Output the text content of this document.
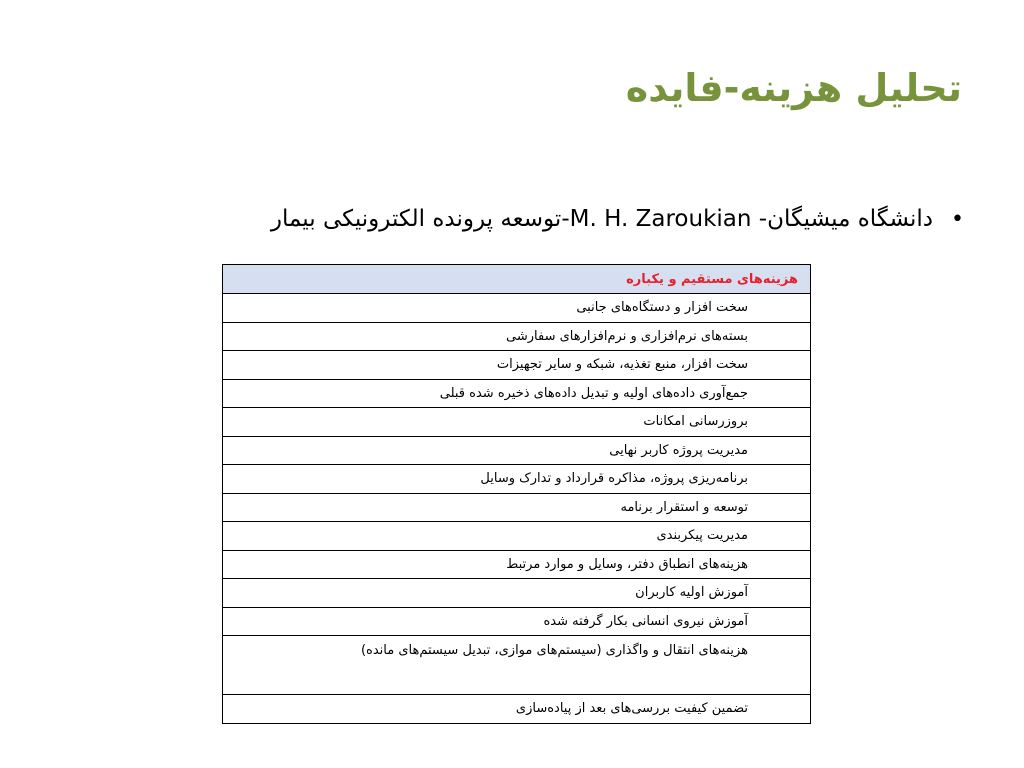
تحلیل هزینه-فایده
•دانشگاه میشیگان- M. H. Zaroukian-توسعه پرونده الکترونیکی بیمار
هزینه‌های مستقیم و یکباره
سخت افزار و دستگاه‌های جانبی
بسته‌های نرم‌افزاری و نرم‌افزارهای سفارشی
سخت افزار، منبع تغذیه، شبکه و سایر تجهیزات
جمع‌آوری داده‌های اولیه و تبدیل داده‌های ذخیره شده قبلی
بروزرسانی امکانات
مدیریت پروژه کاربر نهایی
برنامه‌ریزی پروژه، مذاکره قرارداد و تدارک وسایل
توسعه و استقرار برنامه
مدیریت پیکربندی
هزینه‌های انطباق دفتر، وسایل و موارد مرتبط
آموزش اولیه کاربران
آموزش نیروی انسانی بکار گرفته شده
هزینه‌های انتقال و واگذاری (سیستم‌های موازی، تبدیل سیستم‌های مانده)
تضمین کیفیت بررسی‌های بعد از پیاده‌سازی
